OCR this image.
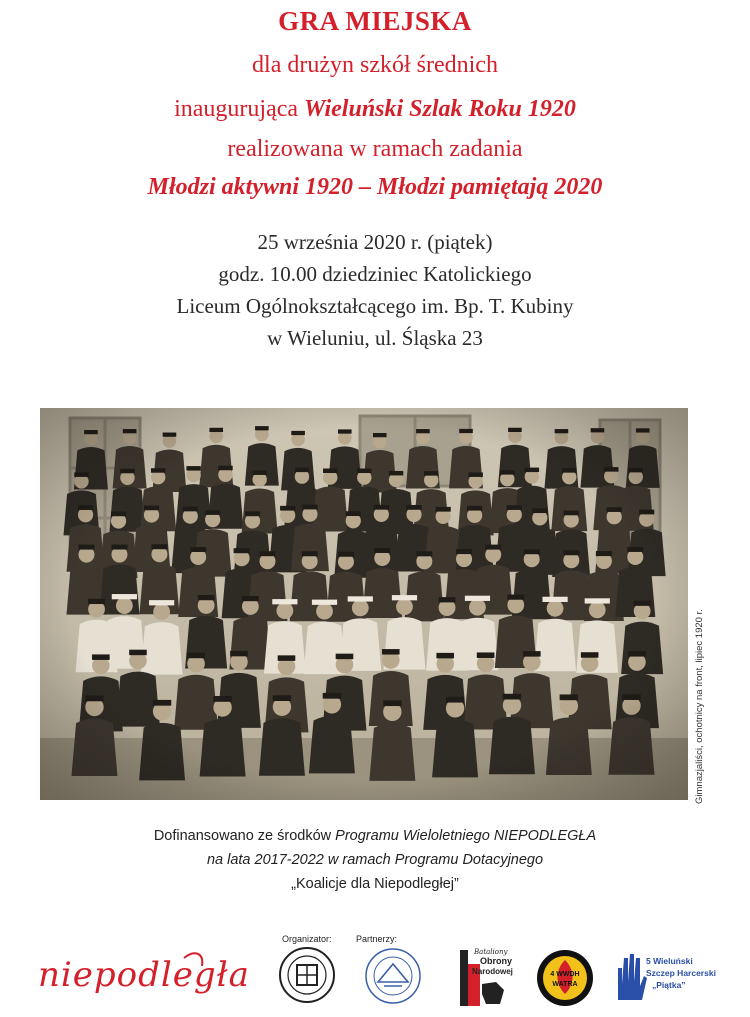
GRA MIEJSKA
dla drużyn szkół średnich
inaugurująca Wieluński Szlak Roku 1920
realizowana w ramach zadania
Młodzi aktywni 1920 – Młodzi pamiętają 2020
25 września 2020 r. (piątek)
godz. 10.00 dziedziniec Katolickiego
Liceum Ogólnokształcącego im. Bp. T. Kubiny
w Wieluniu, ul. Śląska 23
Gimnazjaliści, ochotnicy na front, lipiec 1920 r.
Dofinansowano ze środków Programu Wieloletniego NIEPODLEGŁA
na lata 2017-2022 w ramach Programu Dotacyjnego
„Koalicje dla Niepodległej”
Organizator:	Partnerzy:
niepodległa
Bataliony
Obrony
Narodowej	4 WWDH
WATRA
5 Wieluński
Szczep Harcerski
„Piątka”
